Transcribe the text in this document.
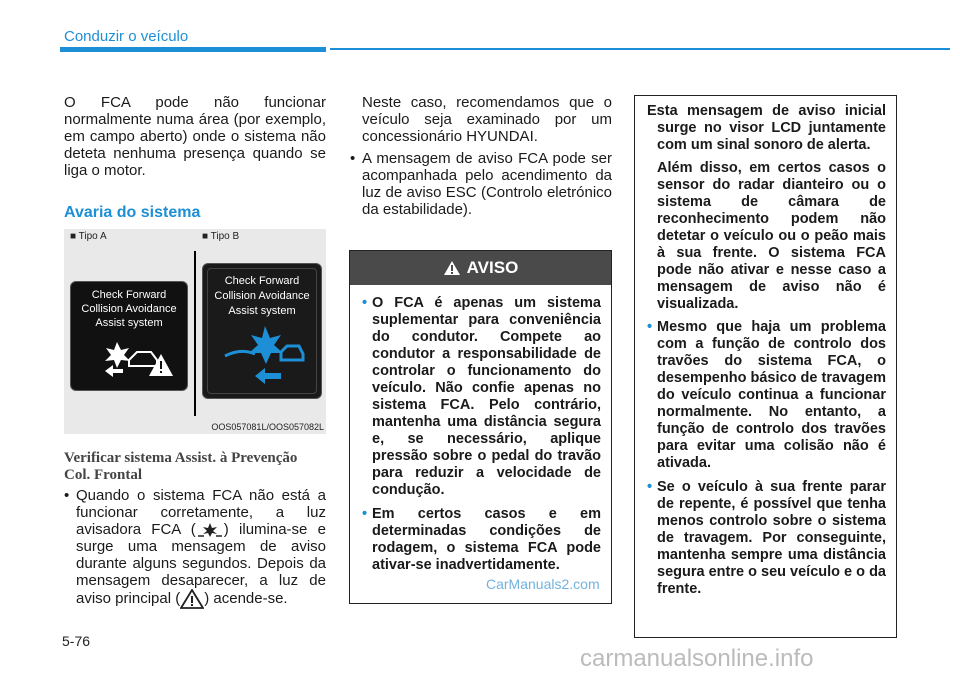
Conduzir o veículo

O FCA pode não funcionar normalmente numa área (por exemplo, em campo aberto) onde o sistema não deteta nenhuma presença quando se liga o motor.

Avaria do sistema
■ Tipo A	■ Tipo B
Check Forward
Collision Avoidance
Assist system
Check Forward
Collision Avoidance
Assist system
OOS057081L/OOS057082L
Verificar sistema Assist. à Prevenção Col. Frontal
• Quando o sistema FCA não está a funcionar corretamente, a luz avisadora FCA ( ) ilumina-se e surge uma mensagem de aviso durante alguns segundos. Depois da mensagem desaparecer, a luz de aviso principal ( ) acende-se.

Neste caso, recomendamos que o veículo seja examinado por um concessionário HYUNDAI.

• A mensagem de aviso FCA pode ser acompanhada pelo acendimento da luz de aviso ESC (Controlo eletrónico da estabilidade).
AVISO
• O FCA é apenas um sistema suplementar para conveniência do condutor. Compete ao condutor a responsabilidade de controlar o funcionamento do veículo. Não confie apenas no sistema FCA. Pelo contrário, mantenha uma distância segura e, se necessário, aplique pressão sobre o pedal do travão para reduzir a velocidade de condução.
• Em certos casos e em determinadas condições de rodagem, o sistema FCA pode ativar-se inadvertidamente.

Esta mensagem de aviso inicial surge no visor LCD juntamente com um sinal sonoro de alerta.

Além disso, em certos casos o sensor do radar dianteiro ou o sistema de câmara de reconhecimento podem não detetar o veículo ou o peão mais à sua frente. O sistema FCA pode não ativar e nesse caso a mensagem de aviso não é visualizada.

• Mesmo que haja um problema com a função de controlo dos travões do sistema FCA, o desempenho básico de travagem do veículo continua a funcionar normalmente. No entanto, a função de controlo dos travões para evitar uma colisão não é ativada.
• Se o veículo à sua frente parar de repente, é possível que tenha menos controlo sobre o sistema de travagem. Por conseguinte, mantenha sempre uma distância segura entre o seu veículo e o da frente.
5-76
CarManuals2.com
carmanualsonline.info
